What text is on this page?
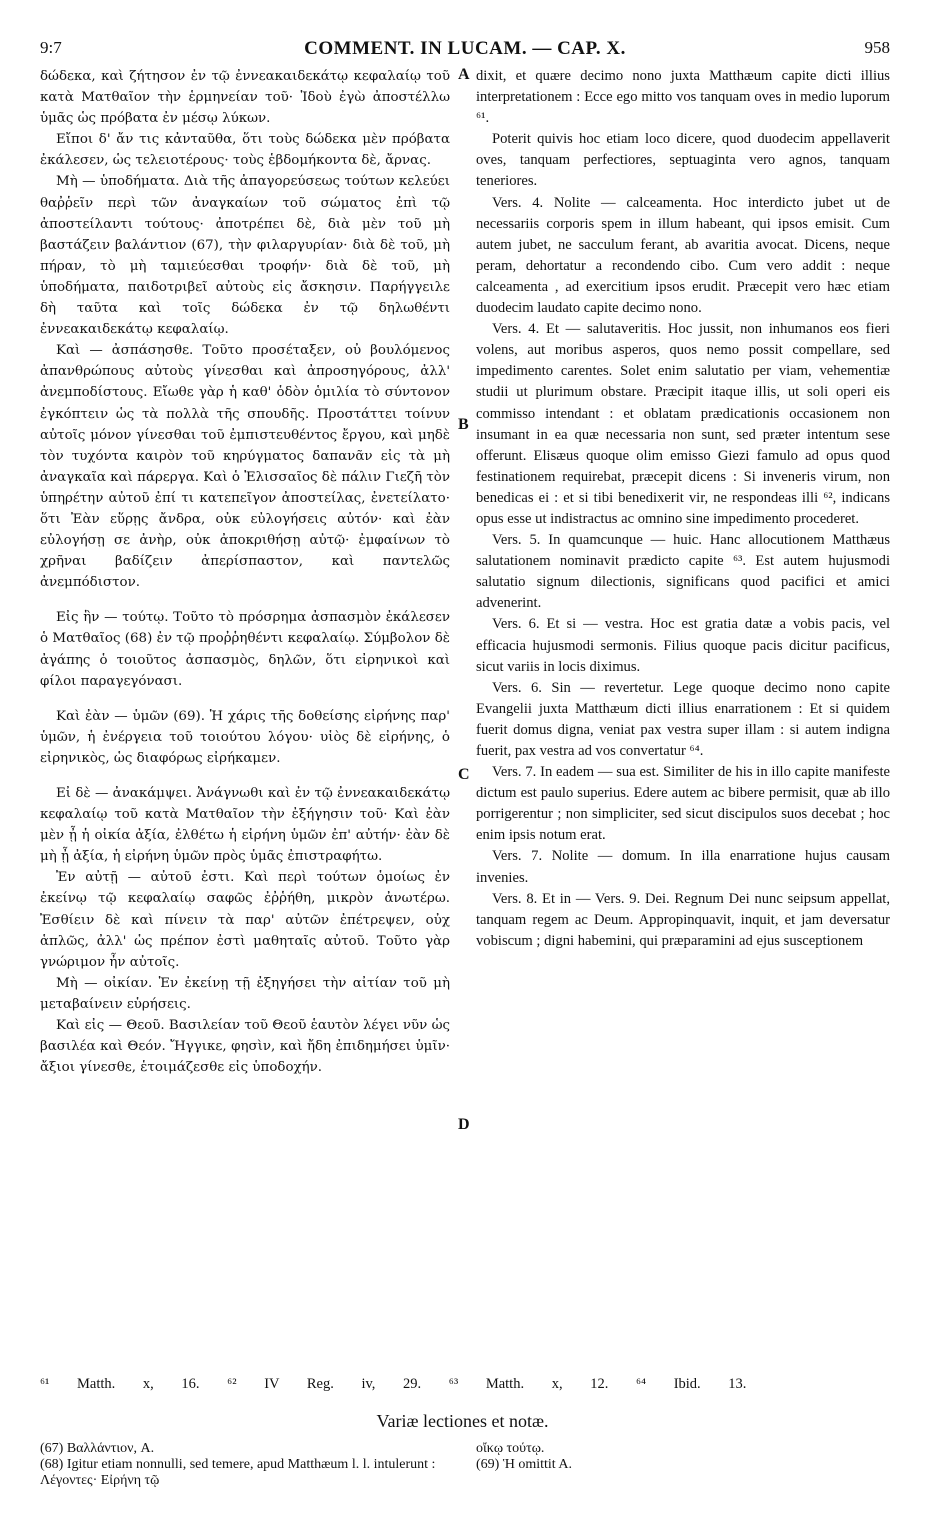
9:7	COMMENT. IN LUCAM. — CAP. X.	958
A
B
C
D

δώδεκα, καὶ ζήτησον ἐν τῷ ἐννεακαιδεκάτῳ κεφαλαίῳ τοῦ κατὰ Ματθαῖον τὴν ἑρμηνείαν τοῦ· Ἰδοὺ ἐγὼ ἀποστέλλω ὑμᾶς ὡς πρόβατα ἐν μέσῳ λύκων.

Εἴποι δ' ἄν τις κἀνταῦθα, ὅτι τοὺς δώδεκα μὲν πρόβατα ἐκάλεσεν, ὡς τελειοτέρους· τοὺς ἑβδομήκοντα δὲ, ἄρνας.

Μὴ — ὑποδήματα. Διὰ τῆς ἀπαγορεύσεως τούτων κελεύει θαῤῥεῖν περὶ τῶν ἀναγκαίων τοῦ σώματος ἐπὶ τῷ ἀποστείλαντι τούτους· ἀποτρέπει δὲ, διὰ μὲν τοῦ μὴ βαστάζειν βαλάντιον (67), τὴν φιλαργυρίαν· διὰ δὲ τοῦ, μὴ πήραν, τὸ μὴ ταμιεύεσθαι τροφήν· διὰ δὲ τοῦ, μὴ ὑποδήματα, παιδοτριβεῖ αὐτοὺς εἰς ἄσκησιν. Παρήγγειλε δὴ ταῦτα καὶ τοῖς δώδεκα ἐν τῷ δηλωθέντι ἐννεακαιδεκάτῳ κεφαλαίῳ.

Καὶ — ἀσπάσησθε. Τοῦτο προσέταξεν, οὐ βουλόμενος ἀπανθρώπους αὐτοὺς γίνεσθαι καὶ ἀπροσηγόρους, ἀλλ' ἀνεμποδίστους. Εἴωθε γὰρ ἡ καθ' ὁδὸν ὁμιλία τὸ σύντονον ἐγκόπτειν ὡς τὰ πολλὰ τῆς σπουδῆς. Προστάττει τοίνυν αὐτοῖς μόνον γίνεσθαι τοῦ ἐμπιστευθέντος ἔργου, καὶ μηδὲ τὸν τυχόντα καιρὸν τοῦ κηρύγματος δαπανᾶν εἰς τὰ μὴ ἀναγκαῖα καὶ πάρεργα. Καὶ ὁ Ἐλισσαῖος δὲ πάλιν Γιεζῆ τὸν ὑπηρέτην αὐτοῦ ἐπί τι κατεπεῖγον ἀποστείλας, ἐνετείλατο· ὅτι Ἐὰν εὕρῃς ἄνδρα, οὐκ εὐλογήσεις αὐτόν· καὶ ἐὰν εὐλογήσῃ σε ἀνὴρ, οὐκ ἀποκριθήσῃ αὐτῷ· ἐμφαίνων τὸ χρῆναι βαδίζειν ἀπερίσπαστον, καὶ παντελῶς ἀνεμπόδιστον.

Εἰς ἣν — τούτῳ. Τοῦτο τὸ πρόσρημα ἀσπασμὸν ἐκάλεσεν ὁ Ματθαῖος (68) ἐν τῷ προῤῥηθέντι κεφαλαίῳ. Σύμβολον δὲ ἀγάπης ὁ τοιοῦτος ἀσπασμὸς, δηλῶν, ὅτι εἰρηνικοὶ καὶ φίλοι παραγεγόνασι.

Καὶ ἐὰν — ὑμῶν (69). Ἡ χάρις τῆς δοθείσης εἰρήνης παρ' ὑμῶν, ἡ ἐνέργεια τοῦ τοιούτου λόγου· υἱὸς δὲ εἰρήνης, ὁ εἰρηνικὸς, ὡς διαφόρως εἰρήκαμεν.

Εἰ δὲ — ἀνακάμψει. Ἀνάγνωθι καὶ ἐν τῷ ἐννεακαιδεκάτῳ κεφαλαίῳ τοῦ κατὰ Ματθαῖον τὴν ἐξήγησιν τοῦ· Καὶ ἐὰν μὲν ᾖ ἡ οἰκία ἀξία, ἐλθέτω ἡ εἰρήνη ὑμῶν ἐπ' αὐτήν· ἐὰν δὲ μὴ ᾖ ἀξία, ἡ εἰρήνη ὑμῶν πρὸς ὑμᾶς ἐπιστραφήτω.

Ἐν αὐτῇ — αὐτοῦ ἐστι. Καὶ περὶ τούτων ὁμοίως ἐν ἐκείνῳ τῷ κεφαλαίῳ σαφῶς ἐῤῥήθη, μικρὸν ἀνωτέρω. Ἐσθίειν δὲ καὶ πίνειν τὰ παρ' αὐτῶν ἐπέτρεψεν, οὐχ ἁπλῶς, ἀλλ' ὡς πρέπον ἐστὶ μαθηταῖς αὐτοῦ. Τοῦτο γὰρ γνώριμον ἦν αὐτοῖς.

Μὴ — οἰκίαν. Ἐν ἐκείνῃ τῇ ἐξηγήσει τὴν αἰτίαν τοῦ μὴ μεταβαίνειν εὑρήσεις.

Καὶ εἰς — Θεοῦ. Βασιλείαν τοῦ Θεοῦ ἑαυτὸν λέγει νῦν ὡς βασιλέα καὶ Θεόν. Ἤγγικε, φησὶν, καὶ ἤδη ἐπιδημήσει ὑμῖν· ἄξιοι γίνεσθε, ἑτοιμάζεσθε εἰς ὑποδοχήν.

dixit, et quære decimo nono juxta Matthæum capite dicti illius interpretationem : Ecce ego mitto vos tanquam oves in medio luporum ⁶¹.

Poterit quivis hoc etiam loco dicere, quod duodecim appellaverit oves, tanquam perfectiores, septuaginta vero agnos, tanquam teneriores.

Vers. 4. Nolite — calceamenta. Hoc interdicto jubet ut de necessariis corporis spem in illum habeant, qui ipsos emisit. Cum autem jubet, ne sacculum ferant, ab avaritia avocat. Dicens, neque peram, dehortatur a recondendo cibo. Cum vero addit : neque calceamenta , ad exercitium ipsos erudit. Præcepit vero hæc etiam duodecim laudato capite decimo nono.

Vers. 4. Et — salutaveritis. Hoc jussit, non inhumanos eos fieri volens, aut moribus asperos, quos nemo possit compellare, sed impedimento carentes. Solet enim salutatio per viam, vehementiæ studii ut plurimum obstare. Præcipit itaque illis, ut soli operi eis commisso intendant : et oblatam prædicationis occasionem non insumant in ea quæ necessaria non sunt, sed præter intentum sese offerunt. Elisæus quoque olim emisso Giezi famulo ad opus quod festinationem requirebat, præcepit dicens : Si inveneris virum, non benedicas ei : et si tibi benedixerit vir, ne respondeas illi ⁶², indicans opus esse ut indistractus ac omnino sine impedimento procederet.

Vers. 5. In quamcunque — huic. Hanc allocutionem Matthæus salutationem nominavit prædicto capite ⁶³. Est autem hujusmodi salutatio signum dilectionis, significans quod pacifici et amici advenerint.

Vers. 6. Et si — vestra. Hoc est gratia datæ a vobis pacis, vel efficacia hujusmodi sermonis. Filius quoque pacis dicitur pacificus, sicut variis in locis diximus.

Vers. 6. Sin — revertetur. Lege quoque decimo nono capite Evangelii juxta Matthæum dicti illius enarrationem : Et si quidem fuerit domus digna, veniat pax vestra super illam : si autem indigna fuerit, pax vestra ad vos convertatur ⁶⁴.

Vers. 7. In eadem — sua est. Similiter de his in illo capite manifeste dictum est paulo superius. Edere autem ac bibere permisit, quæ ab illo porrigerentur ; non simpliciter, sed sicut discipulos suos decebat ; hoc enim ipsis notum erat.

Vers. 7. Nolite — domum. In illa enarratione hujus causam invenies.

Vers. 8. Et in — Vers. 9. Dei. Regnum Dei nunc seipsum appellat, tanquam regem ac Deum. Appropinquavit, inquit, et jam deversatur vobiscum ; digni habemini, qui præparamini ad ejus susceptionem

⁶¹ Matth. x, 16. ⁶² IV Reg. iv, 29. ⁶³ Matth. x, 12. ⁶⁴ Ibid. 13.
Variæ lectiones et notæ.

(67) Βαλλάντιον, A.

(68) Igitur etiam nonnulli, sed temere, apud Matthæum l. l. intulerunt : Λέγοντες· Εἰρήνη τῷ

οἴκῳ τούτῳ.

(69) Ἡ omittit A.
